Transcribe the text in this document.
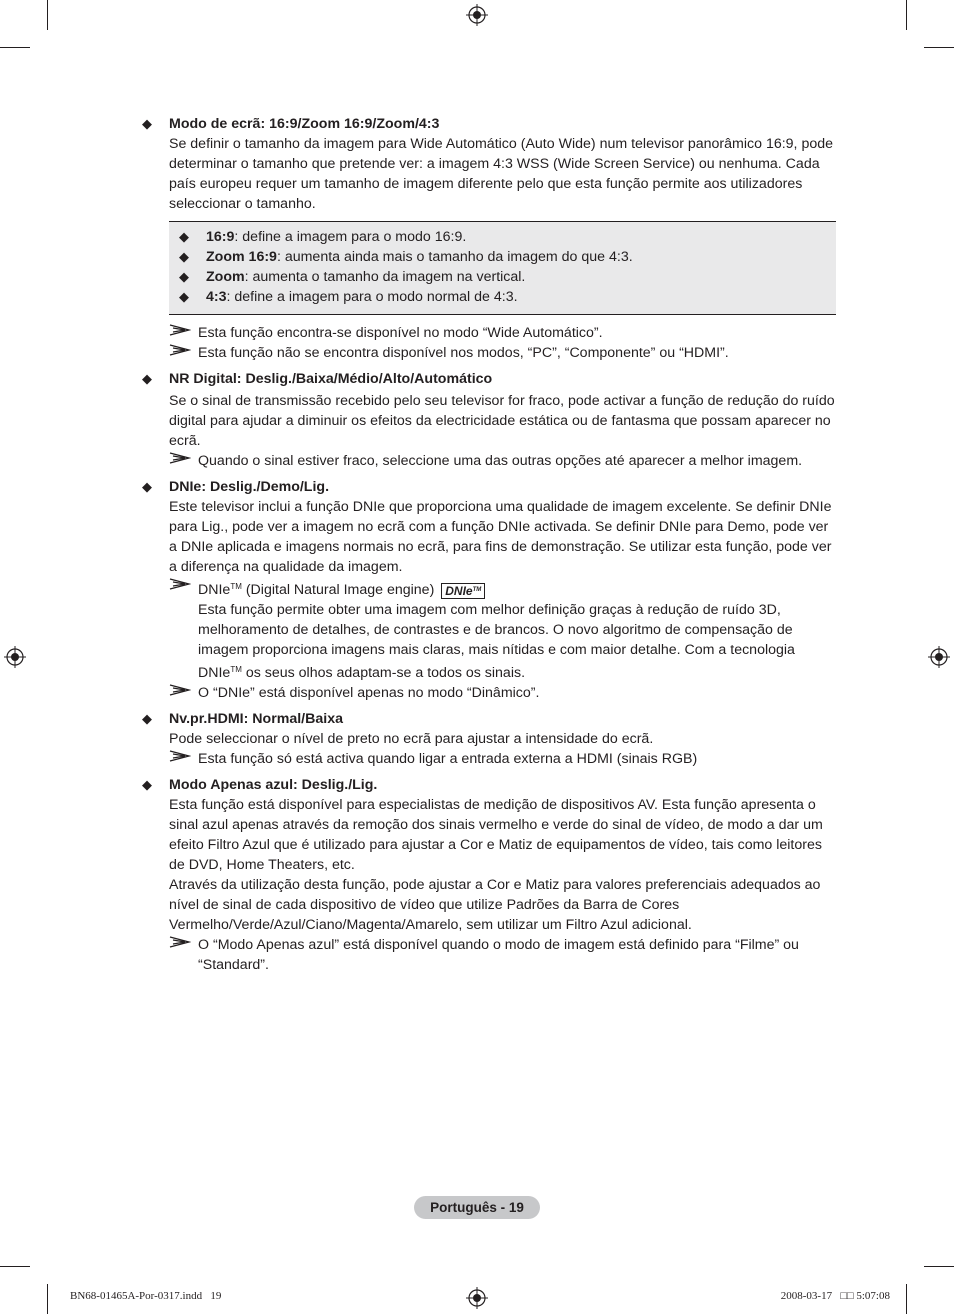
◆ Modo de ecrã: 16:9/Zoom 16:9/Zoom/4:3

Se definir o tamanho da imagem para Wide Automático (Auto Wide) num televisor panorâmico 16:9, pode determinar o tamanho que pretende ver: a imagem 4:3 WSS (Wide Screen Service) ou nenhuma. Cada país europeu requer um tamanho de imagem diferente pelo que esta função permite aos utilizadores seleccionar o tamanho.

◆ 16:9: define a imagem para o modo 16:9.
◆ Zoom 16:9: aumenta ainda mais o tamanho da imagem do que 4:3.
◆ Zoom: aumenta o tamanho da imagem na vertical.
◆ 4:3: define a imagem para o modo normal de 4:3.
Esta função encontra-se disponível no modo “Wide Automático”.
Esta função não se encontra disponível nos modos, “PC”, “Componente” ou “HDMI”.
◆ NR Digital: Deslig./Baixa/Médio/Alto/Automático

Se o sinal de transmissão recebido pelo seu televisor for fraco, pode activar a função de redução do ruído digital para ajudar a diminuir os efeitos da electricidade estática ou de fantasma que possam aparecer no ecrã.

Quando o sinal estiver fraco, seleccione uma das outras opções até aparecer a melhor imagem.
◆ DNIe: Deslig./Demo/Lig.

Este televisor inclui a função DNIe que proporciona uma qualidade de imagem excelente. Se definir DNIe para Lig., pode ver a imagem no ecrã com a função DNIe activada. Se definir DNIe para Demo, pode ver a DNIe aplicada e imagens normais no ecrã, para fins de demonstração. Se utilizar esta função, pode ver a diferença na qualidade da imagem.

DNIe™ (Digital Natural Image engine) DNIe™
Esta função permite obter uma imagem com melhor definição graças à redução de ruído 3D, melhoramento de detalhes, de contrastes e de brancos. O novo algoritmo de compensação de imagem proporciona imagens mais claras, mais nítidas e com maior detalhe. Com a tecnologia DNIe™ os seus olhos adaptam-se a todos os sinais.
O “DNIe” está disponível apenas no modo “Dinâmico”.
◆ Nv.pr.HDMI: Normal/Baixa

Pode seleccionar o nível de preto no ecrã para ajustar a intensidade do ecrã.

Esta função só está activa quando ligar a entrada externa a HDMI (sinais RGB)
◆ Modo Apenas azul: Deslig./Lig.

Esta função está disponível para especialistas de medição de dispositivos AV. Esta função apresenta o sinal azul apenas através da remoção dos sinais vermelho e verde do sinal de vídeo, de modo a dar um efeito Filtro Azul que é utilizado para ajustar a Cor e Matiz de equipamentos de vídeo, tais como leitores de DVD, Home Theaters, etc.

Através da utilização desta função, pode ajustar a Cor e Matiz para valores preferenciais adequados ao nível de sinal de cada dispositivo de vídeo que utilize Padrões da Barra de Cores Vermelho/Verde/Azul/Ciano/Magenta/Amarelo, sem utilizar um Filtro Azul adicional.

O “Modo Apenas azul” está disponível quando o modo de imagem está definido para “Filme” ou “Standard”.
Português - 19
BN68-01465A-Por-0317.indd   19	2008-03-17   □□ 5:07:08
